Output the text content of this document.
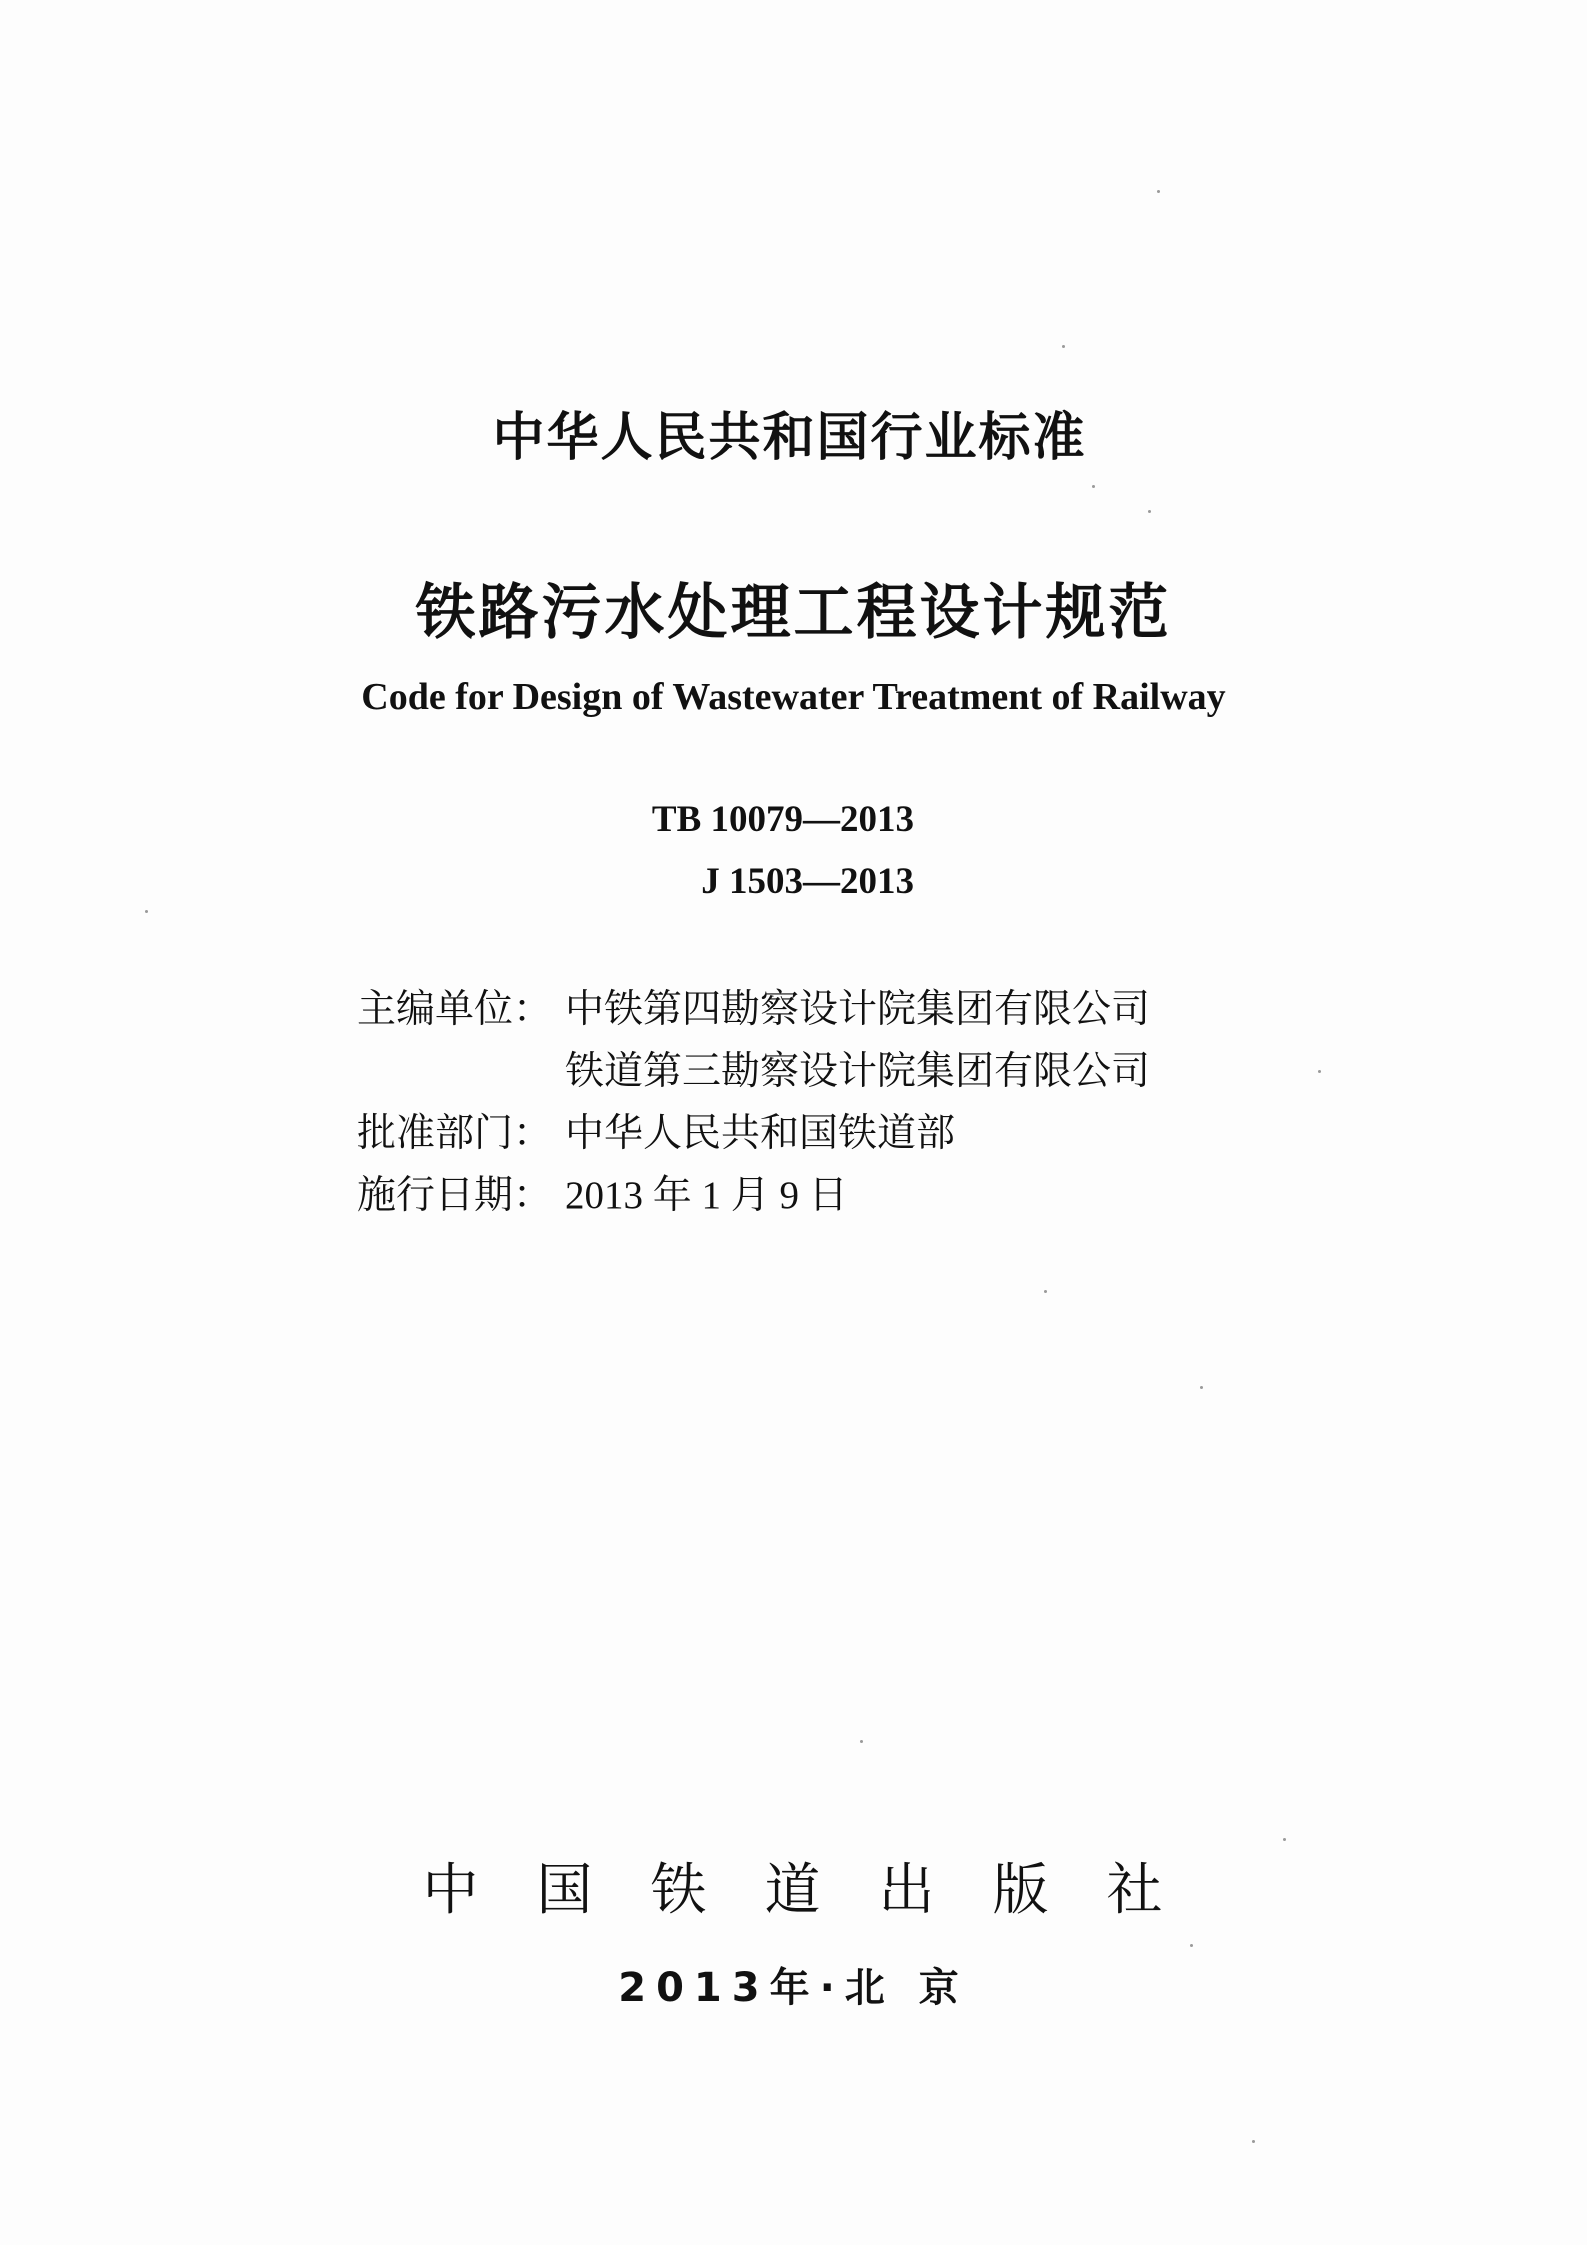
中华人民共和国行业标准
铁路污水处理工程设计规范
Code for Design of Wastewater Treatment of Railway
TB 10079—2013
J 1503—2013
主编单位： 中铁第四勘察设计院集团有限公司
铁道第三勘察设计院集团有限公司
批准部门： 中华人民共和国铁道部
施行日期： 2013 年 1 月 9 日
中国铁道出版社
2013年·北 京
